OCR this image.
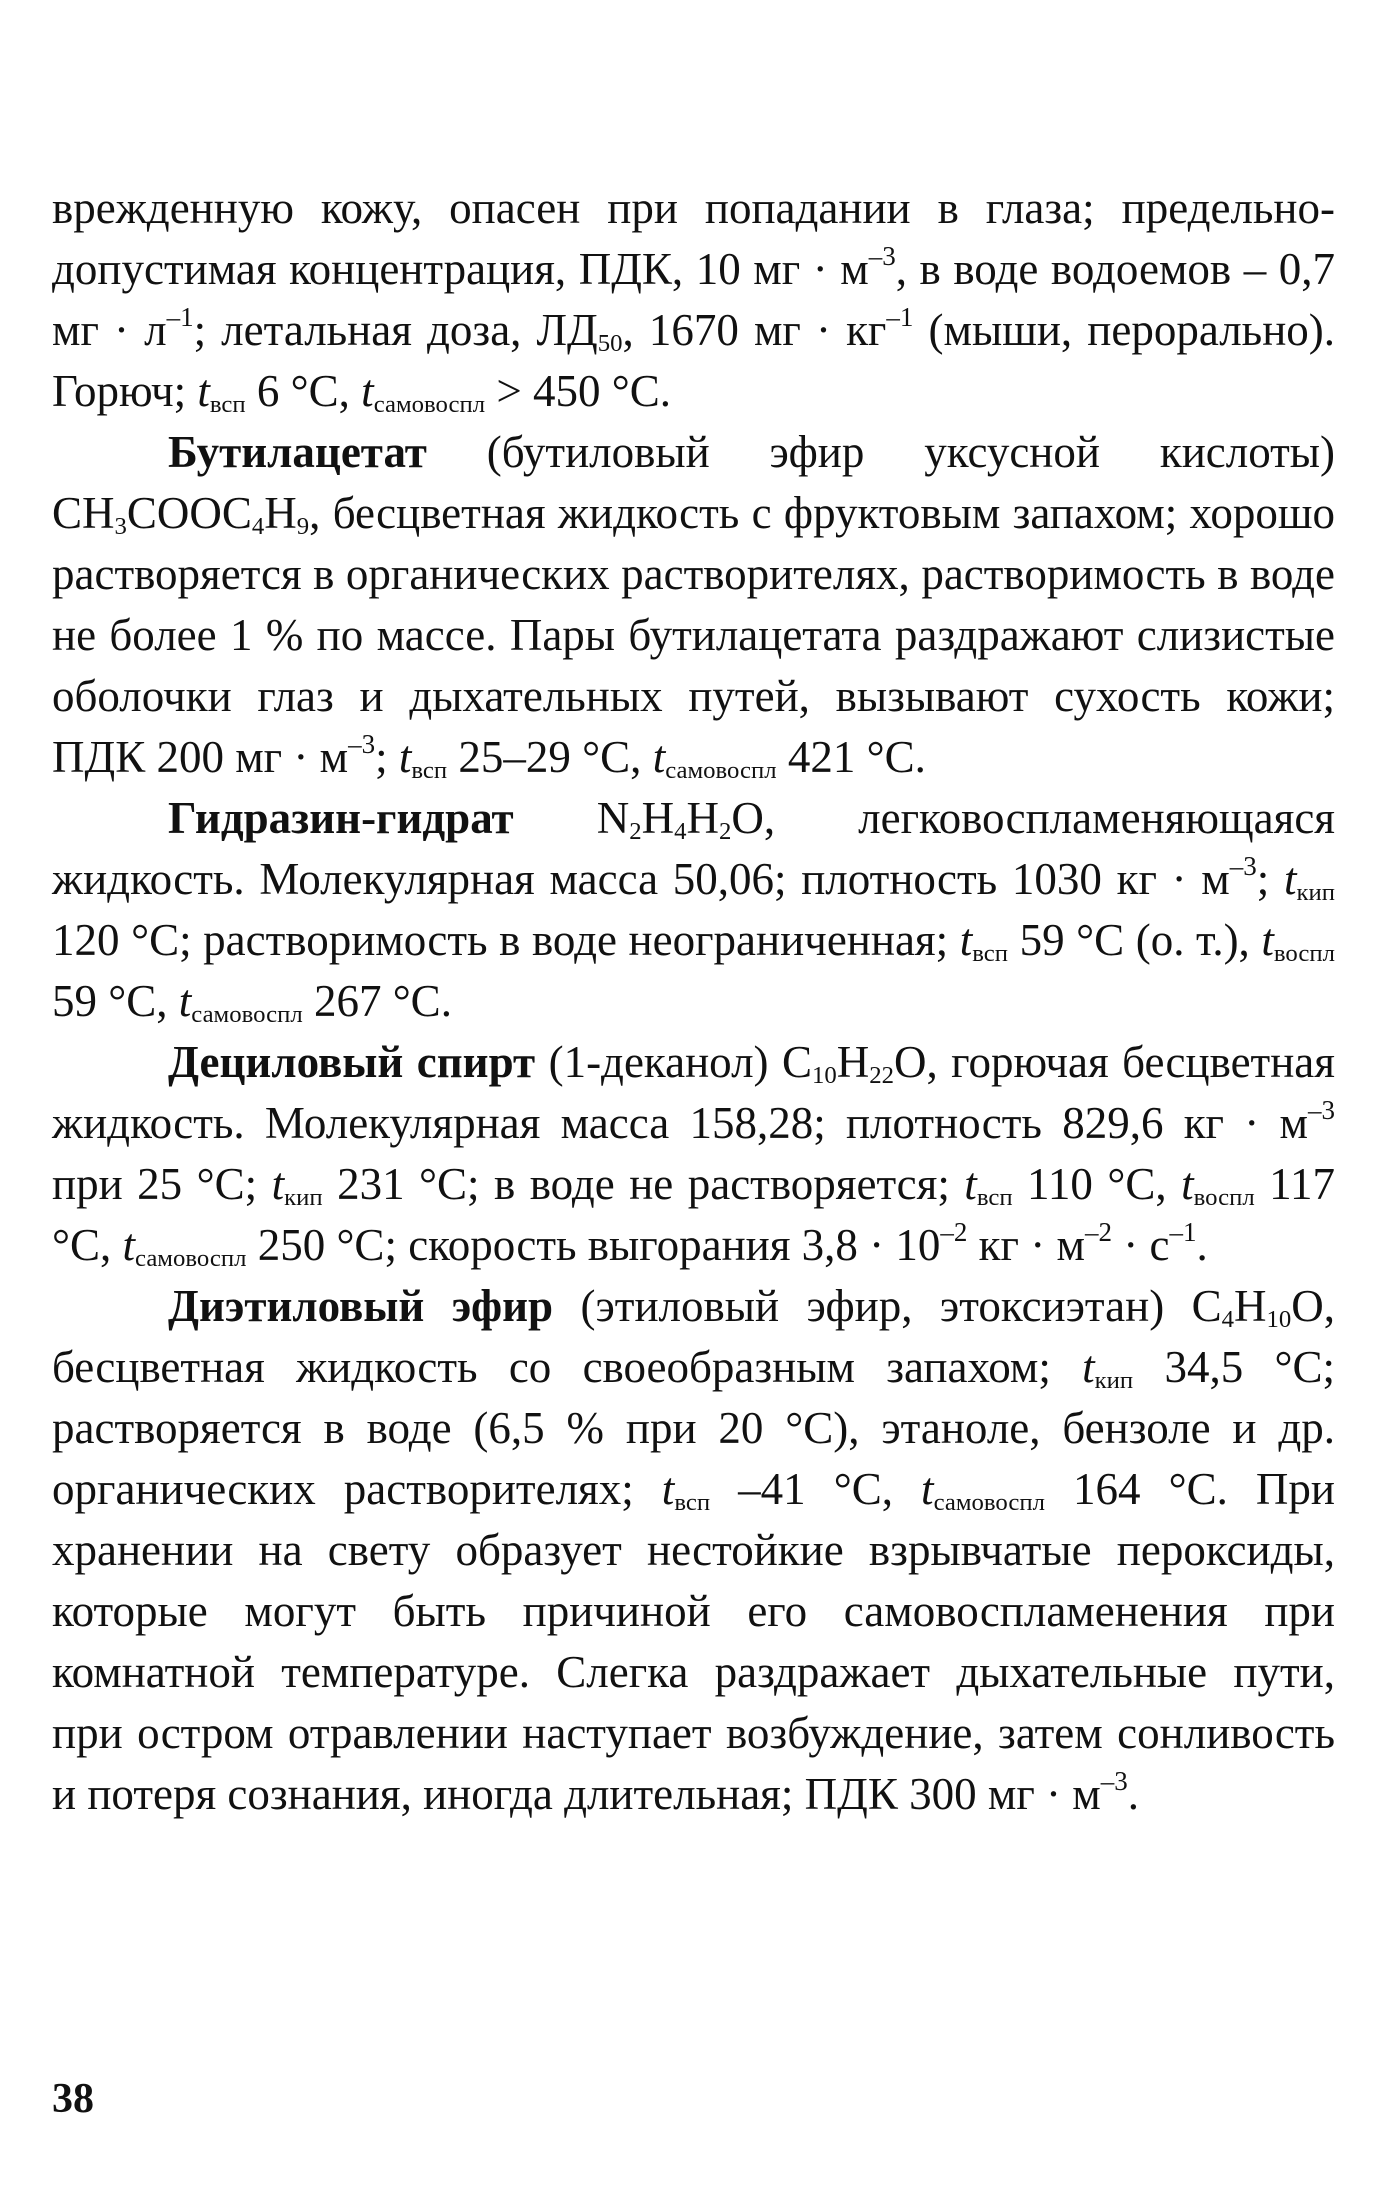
врежденную кожу, опасен при попадании в глаза; предельно-допустимая концентрация, ПДК, 10 мг · $м^{-3}$, в воде водоемов – 0,7 мг · $л^{-1}$; летальная доза, $ЛД_{50}$, 1670 мг · $кг^{-1}$ (мыши, перорально). Горюч; $t_{всп}$ 6 °С, $t_{самовоспл} > 450$ °С.

Бутилацетат (бутиловый эфир уксусной кислоты) $CH_3COOC_4H_9$, бесцветная жидкость с фруктовым запахом; хорошо растворяется в органических растворителях, растворимость в воде не более 1 % по массе. Пары бутилацетата раздражают слизистые оболочки глаз и дыхательных путей, вызывают сухость кожи; ПДК 200 мг · $м^{-3}$; $t_{всп}$ 25–29 °С, $t_{самовоспл}$ 421 °С.

Гидразин-гидрат $N_2H_4H_2O$, легковоспламеняющаяся жидкость. Молекулярная масса 50,06; плотность 1030 кг · $м^{-3}$; $t_{кип}$ 120 °С; растворимость в воде неограниченная; $t_{всп}$ 59 °С (о. т.), $t_{воспл}$ 59 °С, $t_{самовоспл}$ 267 °С.

Дециловый спирт (1-деканол) $C_{10}H_{22}O$, горючая бесцветная жидкость. Молекулярная масса 158,28; плотность 829,6 кг · $м^{-3}$ при 25 °С; $t_{кип}$ 231 °С; в воде не растворяется; $t_{всп}$ 110 °С, $t_{воспл}$ 117 °С, $t_{самовоспл}$ 250 °С; скорость выгорания $3,8 \cdot 10^{-2}$ кг · $м^{-2} \cdot с^{-1}$.

Диэтиловый эфир (этиловый эфир, этоксиэтан) $C_4H_{10}O$, бесцветная жидкость со своеобразным запахом; $t_{кип}$ 34,5 °С; растворяется в воде (6,5 % при 20 °С), этаноле, бензоле и др. органических растворителях; $t_{всп}$ –41 °С, $t_{самовоспл}$ 164 °С. При хранении на свету образует нестойкие взрывчатые пероксиды, которые могут быть причиной его самовоспламенения при комнатной температуре. Слегка раздражает дыхательные пути, при остром отравлении наступает возбуждение, затем сонливость и потеря сознания, иногда длительная; ПДК 300 мг · $м^{-3}$.

38
